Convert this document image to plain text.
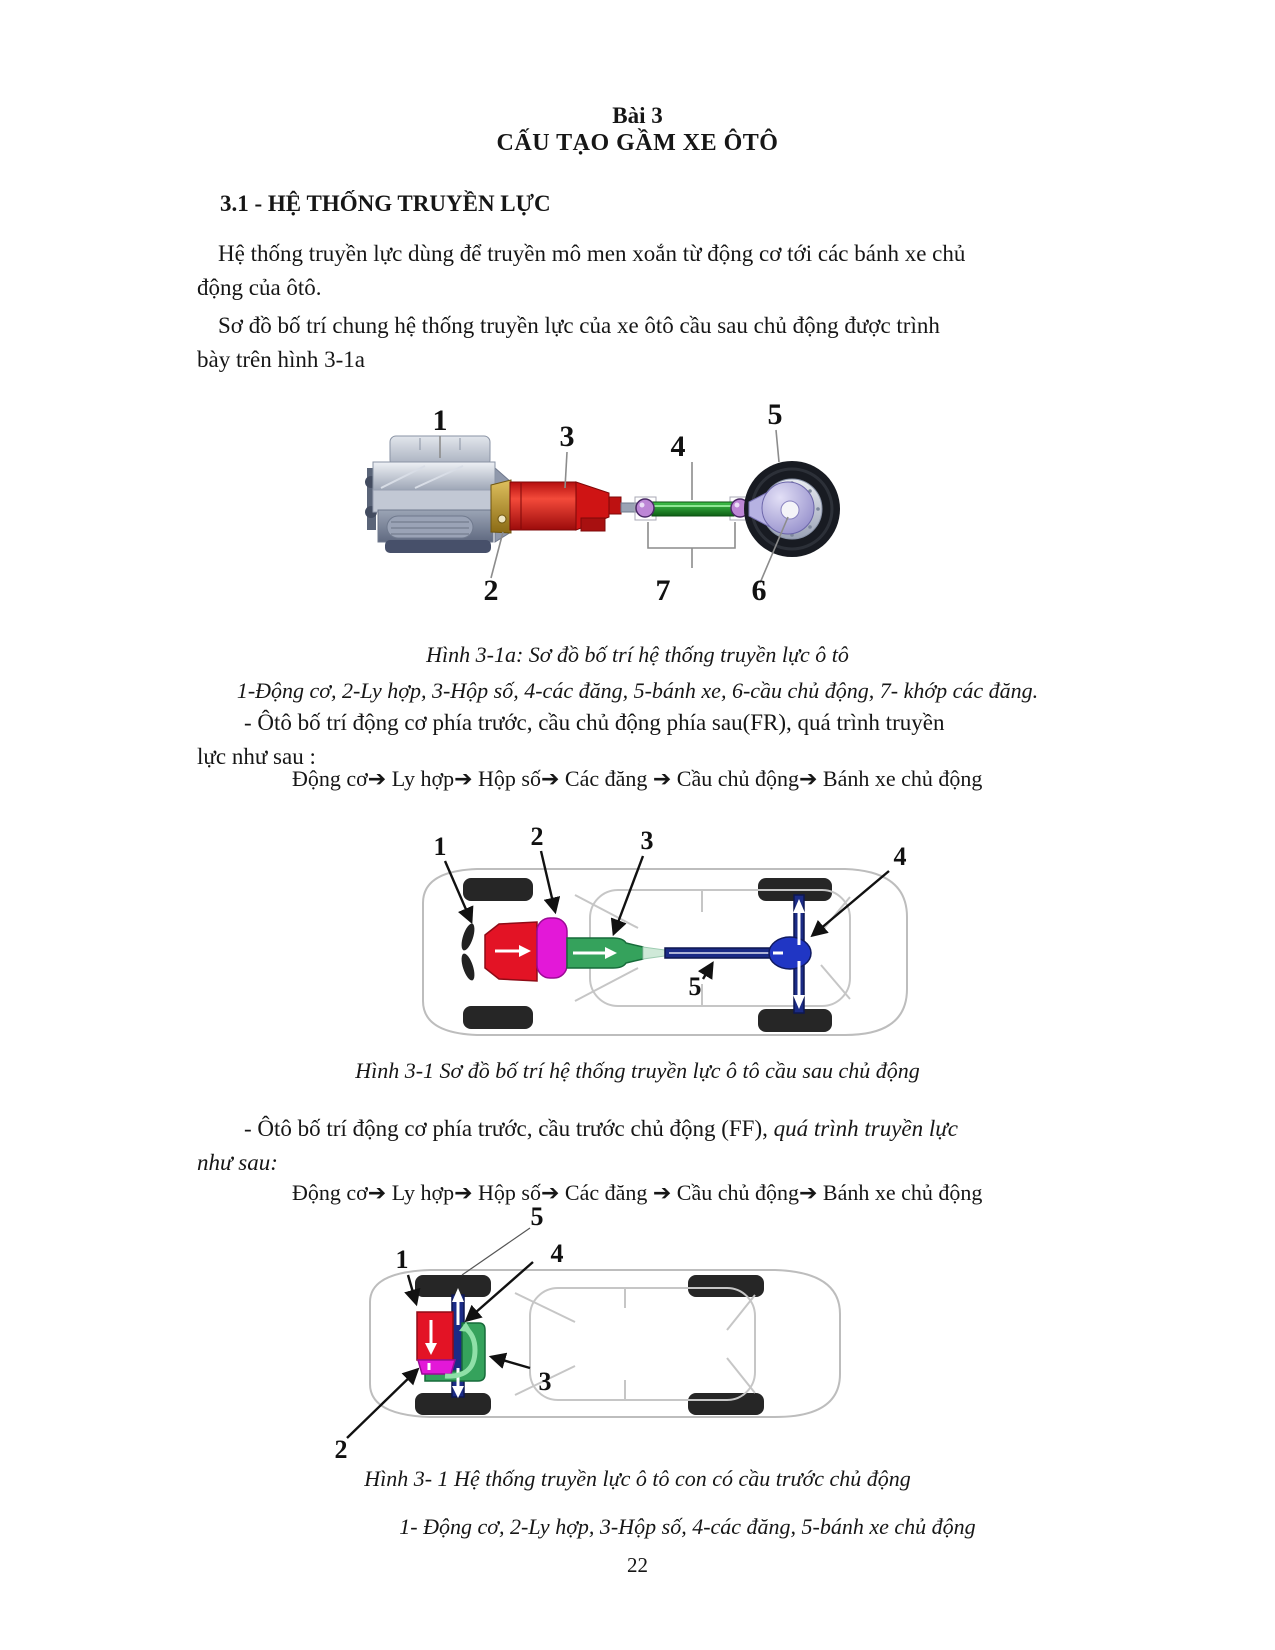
Bài 3
CẤU TẠO GẦM XE ÔTÔ
3.1 - HỆ THỐNG TRUYỀN LỰC
Hệ thống truyền lực dùng để truyền mô men xoắn từ động cơ tới các bánh xe chủ
động của ôtô.
Sơ đồ bố trí chung hệ thống truyền lực của xe ôtô cầu sau chủ động được trình
bày trên hình 3-1a
1
2
3	4
5
6
7
Hình 3-1a: Sơ đồ bố trí hệ thống truyền lực ô tô
1-Động cơ, 2-Ly hợp, 3-Hộp số, 4-các đăng, 5-bánh xe, 6-cầu chủ động, 7- khớp các đăng.
- Ôtô bố trí động cơ phía trước, cầu chủ động phía sau(FR), quá trình truyền
lực như sau :
Động cơ➔ Ly hợp➔ Hộp số➔ Các đăng ➔ Cầu chủ động➔ Bánh xe chủ động
1	2	3
4
5
Hình 3-1 Sơ đồ bố trí hệ thống truyền lực ô tô cầu sau chủ động
- Ôtô bố trí động cơ phía trước, cầu trước chủ động (FF), quá trình truyền lực
như sau:
Động cơ➔ Ly hợp➔ Hộp số➔ Các đăng ➔ Cầu chủ động➔ Bánh xe chủ động
5
4
1
3
2
Hình 3- 1 Hệ thống truyền lực ô tô con có cầu trước chủ động
1- Động cơ, 2-Ly hợp, 3-Hộp số, 4-các đăng, 5-bánh xe chủ động
22
